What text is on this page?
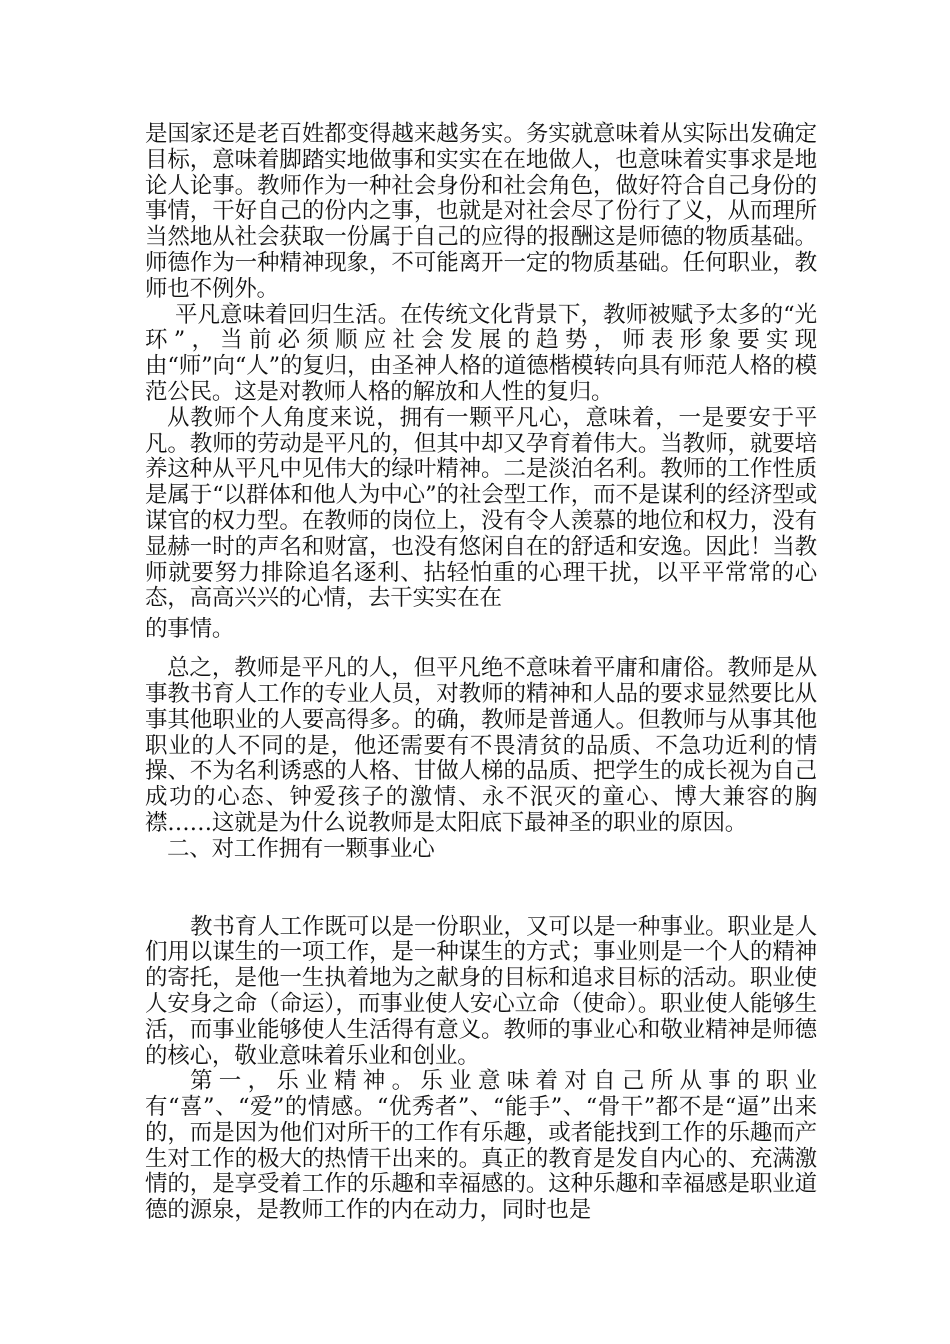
是国家还是老百姓都变得越来越务实。务实就意味着从实际出发确定目标，意味着脚踏实地做事和实实在在地做人，也意味着实事求是地论人论事。教师作为一种社会身份和社会角色，做好符合自己身份的事情，干好自己的份内之事，也就是对社会尽了份行了义，从而理所当然地从社会获取一份属于自己的应得的报酬这是师德的物质基础。师德作为一种精神现象，不可能离开一定的物质基础。任何职业，教师也不例外。

平凡意味着回归生活。在传统文化背景下，教师被赋予太多的“光环”，当前必须顺应社会发展的趋势，师表形象要实现由“师”向“人”的复归，由圣神人格的道德楷模转向具有师范人格的模范公民。这是对教师人格的解放和人性的复归。

从教师个人角度来说，拥有一颗平凡心，意味着，一是要安于平凡。教师的劳动是平凡的，但其中却又孕育着伟大。当教师，就要培养这种从平凡中见伟大的绿叶精神。二是淡泊名利。教师的工作性质是属于“以群体和他人为中心”的社会型工作，而不是谋利的经济型或谋官的权力型。在教师的岗位上，没有令人羡慕的地位和权力，没有显赫一时的声名和财富，也没有悠闲自在的舒适和安逸。因此！当教师就要努力排除追名逐利、拈轻怕重的心理干扰，以平平常常的心态，高高兴兴的心情，去干实实在在

的事情。

总之，教师是平凡的人，但平凡绝不意味着平庸和庸俗。教师是从事教书育人工作的专业人员，对教师的精神和人品的要求显然要比从事其他职业的人要高得多。的确，教师是普通人。但教师与从事其他职业的人不同的是，他还需要有不畏清贫的品质、不急功近利的情操、不为名利诱惑的人格、甘做人梯的品质、把学生的成长视为自己成功的心态、钟爱孩子的激情、永不泯灭的童心、博大兼容的胸襟……这就是为什么说教师是太阳底下最神圣的职业的原因。

二、对工作拥有一颗事业心

教书育人工作既可以是一份职业，又可以是一种事业。职业是人们用以谋生的一项工作，是一种谋生的方式；事业则是一个人的精神的寄托，是他一生执着地为之献身的目标和追求目标的活动。职业使人安身之命（命运），而事业使人安心立命（使命）。职业使人能够生活，而事业能够使人生活得有意义。教师的事业心和敬业精神是师德的核心，敬业意味着乐业和创业。

第一，乐业精神。乐业意味着对自己所从事的职业有“喜”、“爱”的情感。“优秀者”、“能手”、“骨干”都不是“逼”出来的，而是因为他们对所干的工作有乐趣，或者能找到工作的乐趣而产生对工作的极大的热情干出来的。真正的教育是发自内心的、充满激情的，是享受着工作的乐趣和幸福感的。这种乐趣和幸福感是职业道德的源泉，是教师工作的内在动力，同时也是
